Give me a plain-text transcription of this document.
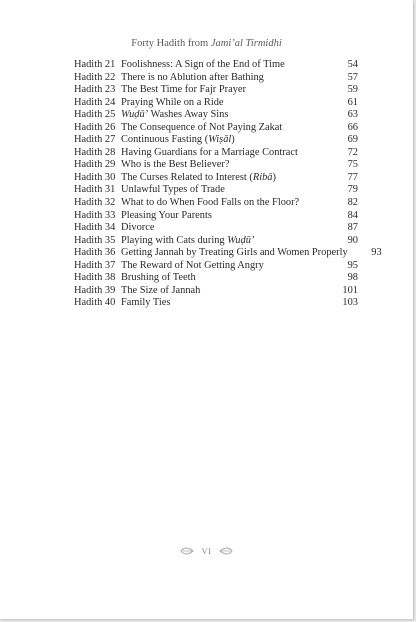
Forty Hadith from Jami’al Tirmidhi
Hadith 21 Foolishness: A Sign of the End of Time	54
Hadith 22 There is no Ablution after Bathing	57
Hadith 23 The Best Time for Fajr Prayer	59
Hadith 24 Praying While on a Ride	61
Hadith 25 Wuḍū’ Washes Away Sins	63
Hadith 26 The Consequence of Not Paying Zakat	66
Hadith 27 Continuous Fasting (Wiṣāl)	69
Hadith 28 Having Guardians for a Marriage Contract	72
Hadith 29 Who is the Best Believer?	75
Hadith 30 The Curses Related to Interest (Ribā)	77
Hadith 31 Unlawful Types of Trade	79
Hadith 32 What to do When Food Falls on the Floor?	82
Hadith 33 Pleasing Your Parents	84
Hadith 34 Divorce	87
Hadith 35 Playing with Cats during Wuḍū’	90
Hadith 36 Getting Jannah by Treating Girls and Women Properly	93
Hadith 37 The Reward of Not Getting Angry	95
Hadith 38 Brushing of Teeth	98
Hadith 39 The Size of Jannah	101
Hadith 40 Family Ties	103
VI
